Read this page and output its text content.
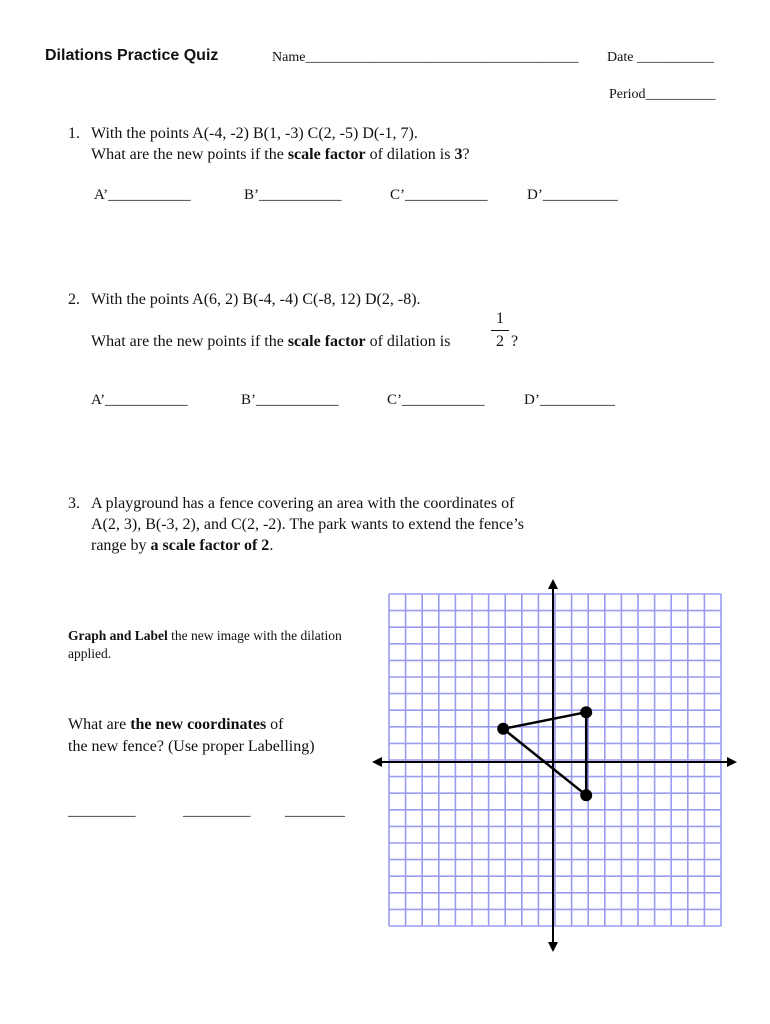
Dilations Practice Quiz	Name_______________________________________ Date ___________
Period__________
1. With the points A(-4, -2) B(1, -3) C(2, -5) D(-1, 7).
What are the new points if the scale factor of dilation is 3?
A’___________	B’___________	C’___________	D’__________
2. With the points A(6, 2) B(-4, -4) C(-8, 12) D(2, -8).
What are the new points if the scale factor of dilation is
1
2 ?
A’___________	B’___________	C’___________	D’__________
3. A playground has a fence covering an area with the coordinates of
A(2, 3), B(-3, 2), and C(2, -2). The park wants to extend the fence’s
range by a scale factor of 2.
Graph and Label the new image with the dilation
applied.
What are the new coordinates of
the new fence? (Use proper Labelling)
_________	_________ ________
